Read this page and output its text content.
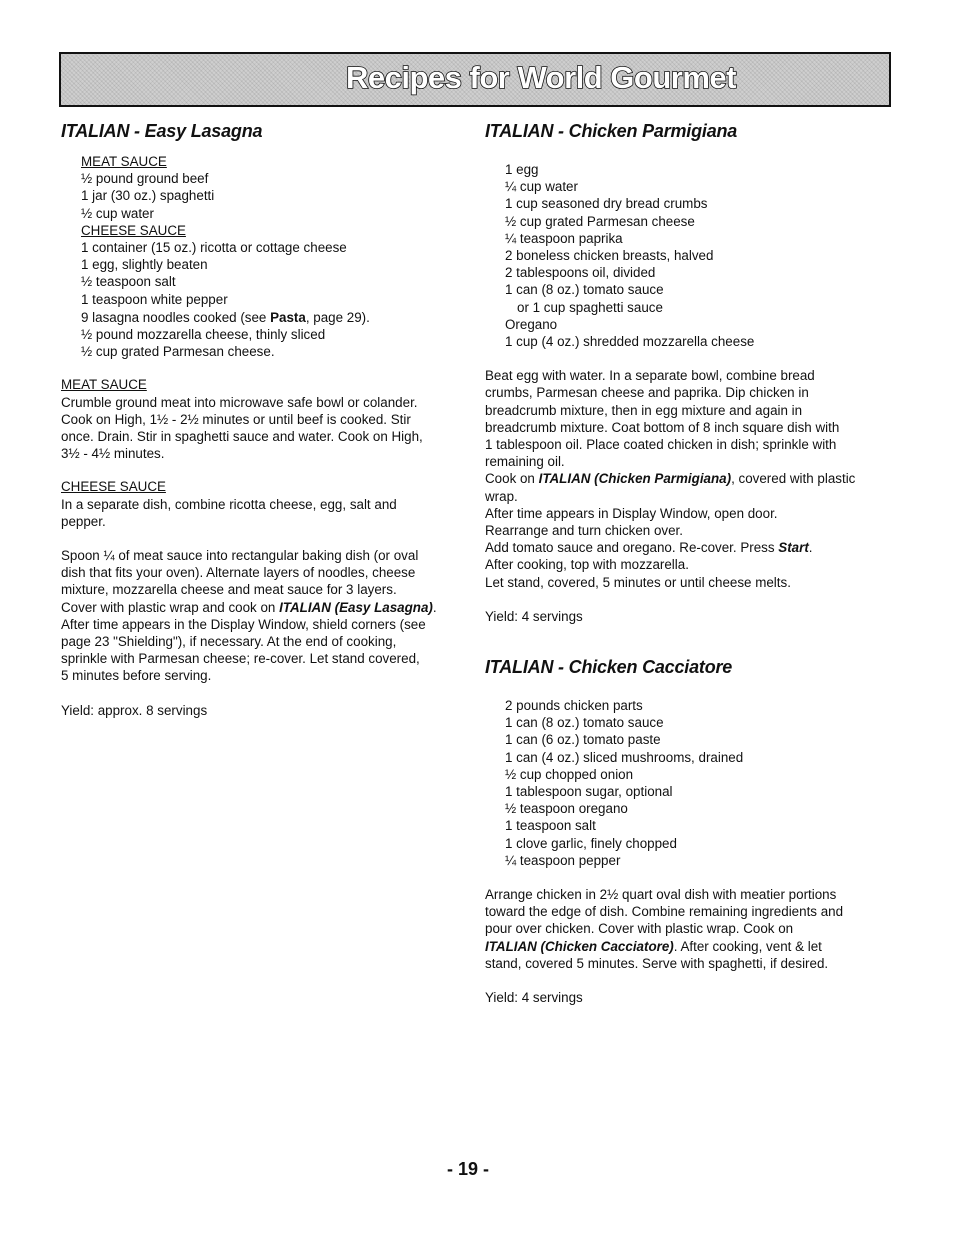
Recipes for World Gourmet
ITALIAN - Easy Lasagna
MEAT SAUCE
½ pound ground beef
1 jar (30 oz.) spaghetti
½ cup water
CHEESE SAUCE
1 container (15 oz.) ricotta or cottage cheese
1 egg, slightly beaten
½ teaspoon salt
1 teaspoon white pepper
9 lasagna noodles cooked (see Pasta, page 29).
½ pound mozzarella cheese, thinly sliced
½ cup grated Parmesan cheese.
MEAT SAUCE
Crumble ground meat into microwave safe bowl or colander.
Cook on High, 1½ - 2½ minutes or until beef is cooked. Stir
once. Drain. Stir in spaghetti sauce and water. Cook on High,
3½ - 4½ minutes.
CHEESE SAUCE
In a separate dish, combine ricotta cheese, egg, salt and
pepper.
Spoon ¼ of meat sauce into rectangular baking dish (or oval
dish that fits your oven). Alternate layers of noodles, cheese
mixture, mozzarella cheese and meat sauce for 3 layers.
Cover with plastic wrap and cook on ITALIAN (Easy Lasagna).
After time appears in the Display Window, shield corners (see
page 23 "Shielding"), if necessary. At the end of cooking,
sprinkle with Parmesan cheese; re-cover. Let stand covered,
5 minutes before serving.
Yield: approx. 8 servings
ITALIAN - Chicken Parmigiana
1 egg
¼ cup water
1 cup seasoned dry bread crumbs
½ cup grated Parmesan cheese
¼ teaspoon paprika
2 boneless chicken breasts, halved
2 tablespoons oil, divided
1 can (8 oz.) tomato sauce
or 1 cup spaghetti sauce
Oregano
1 cup (4 oz.) shredded mozzarella cheese
Beat egg with water. In a separate bowl, combine bread
crumbs, Parmesan cheese and paprika. Dip chicken in
breadcrumb mixture, then in egg mixture and again in
breadcrumb mixture. Coat bottom of 8 inch square dish with
1 tablespoon oil. Place coated chicken in dish; sprinkle with
remaining oil.
Cook on ITALIAN (Chicken Parmigiana), covered with plastic
wrap.
After time appears in Display Window, open door.
Rearrange and turn chicken over.
Add tomato sauce and oregano. Re-cover. Press Start.
After cooking, top with mozzarella.
Let stand, covered, 5 minutes or until cheese melts.
Yield: 4 servings
ITALIAN - Chicken Cacciatore
2 pounds chicken parts
1 can (8 oz.) tomato sauce
1 can (6 oz.) tomato paste
1 can (4 oz.) sliced mushrooms, drained
½ cup chopped onion
1 tablespoon sugar, optional
½ teaspoon oregano
1 teaspoon salt
1 clove garlic, finely chopped
¼ teaspoon pepper
Arrange chicken in 2½ quart oval dish with meatier portions
toward the edge of dish. Combine remaining ingredients and
pour over chicken. Cover with plastic wrap. Cook on
ITALIAN (Chicken Cacciatore). After cooking, vent & let
stand, covered 5 minutes. Serve with spaghetti, if desired.
Yield: 4 servings
- 19 -
